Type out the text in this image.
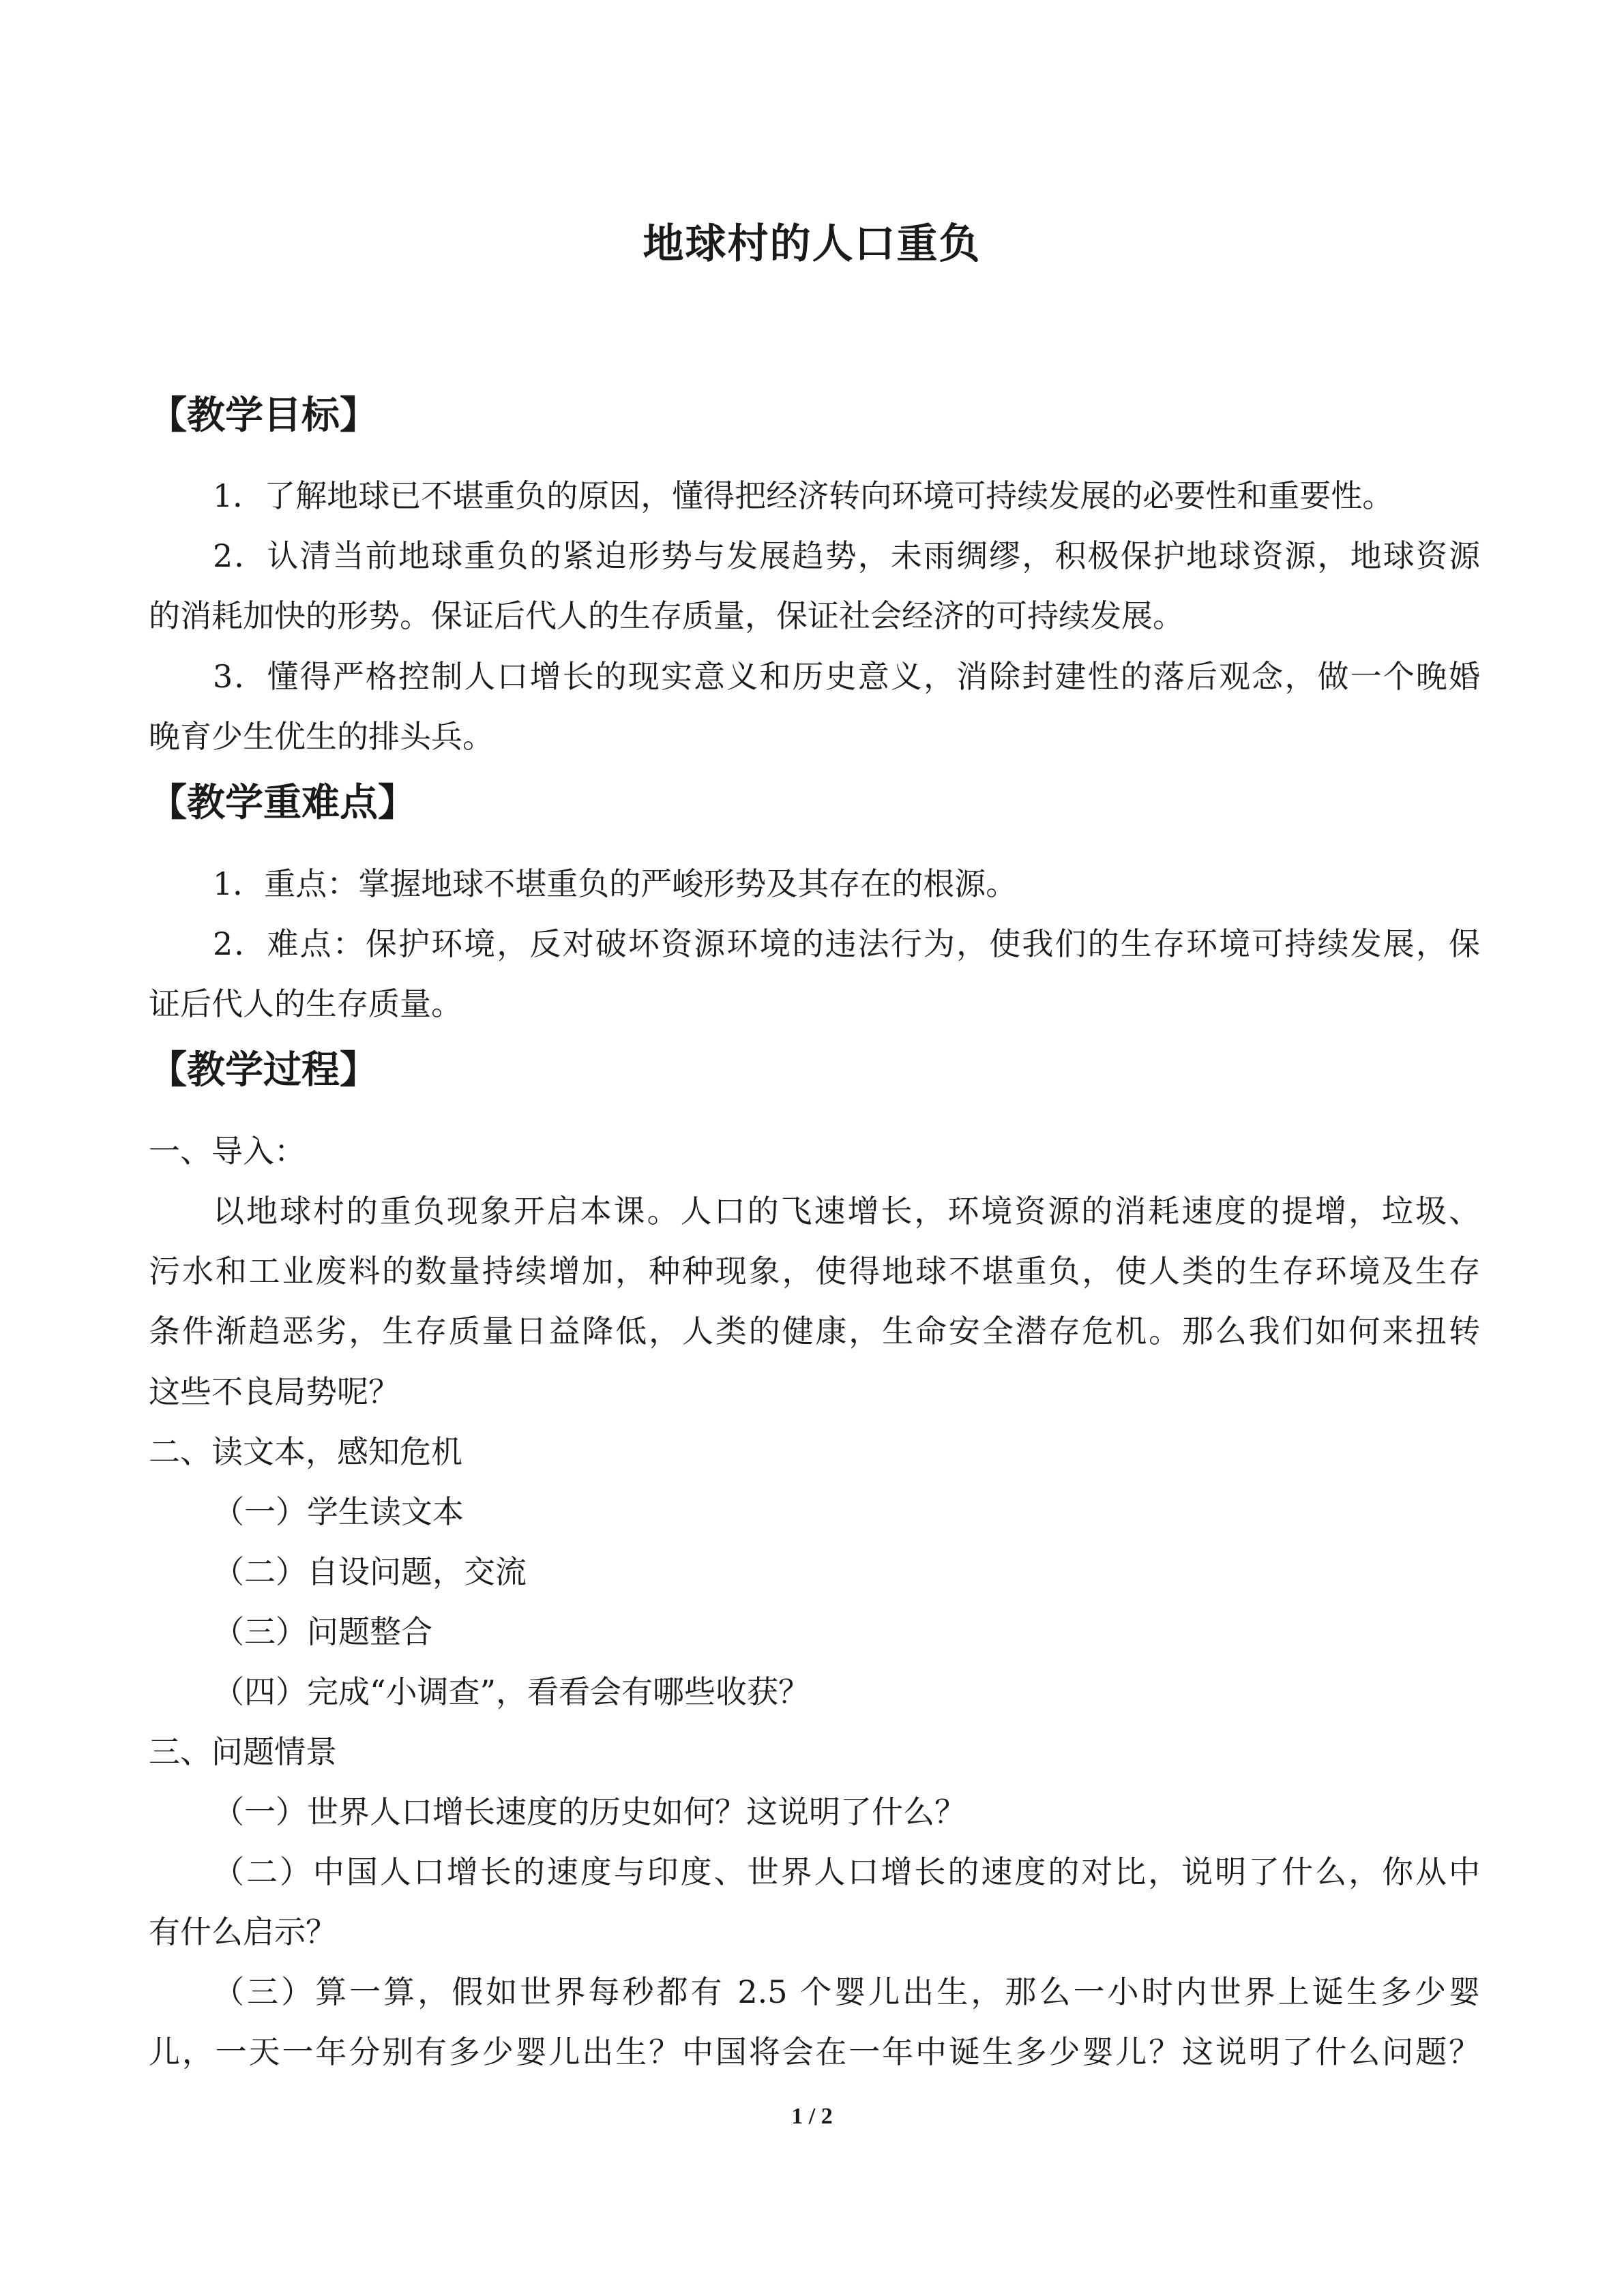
地球村的人口重负
【教学目标】
1．了解地球已不堪重负的原因，懂得把经济转向环境可持续发展的必要性和重要性。
2．认清当前地球重负的紧迫形势与发展趋势，未雨绸缪，积极保护地球资源，地球资源
的消耗加快的形势。保证后代人的生存质量，保证社会经济的可持续发展。
3．懂得严格控制人口增长的现实意义和历史意义，消除封建性的落后观念，做一个晚婚
晚育少生优生的排头兵。
【教学重难点】
1．重点：掌握地球不堪重负的严峻形势及其存在的根源。
2．难点：保护环境，反对破坏资源环境的违法行为，使我们的生存环境可持续发展，保
证后代人的生存质量。
【教学过程】
一、导入：
以地球村的重负现象开启本课。人口的飞速增长，环境资源的消耗速度的提增，垃圾、
污水和工业废料的数量持续增加，种种现象，使得地球不堪重负，使人类的生存环境及生存
条件渐趋恶劣，生存质量日益降低，人类的健康，生命安全潜存危机。那么我们如何来扭转
这些不良局势呢？
二、读文本，感知危机
（一）学生读文本
（二）自设问题，交流
（三）问题整合
（四）完成“小调查”，看看会有哪些收获？
三、问题情景
（一）世界人口增长速度的历史如何？这说明了什么？
（二）中国人口增长的速度与印度、世界人口增长的速度的对比，说明了什么，你从中
有什么启示？
（三）算一算，假如世界每秒都有 2.5 个婴儿出生，那么一小时内世界上诞生多少婴
儿，一天一年分别有多少婴儿出生？中国将会在一年中诞生多少婴儿？这说明了什么问题？
1 / 2
